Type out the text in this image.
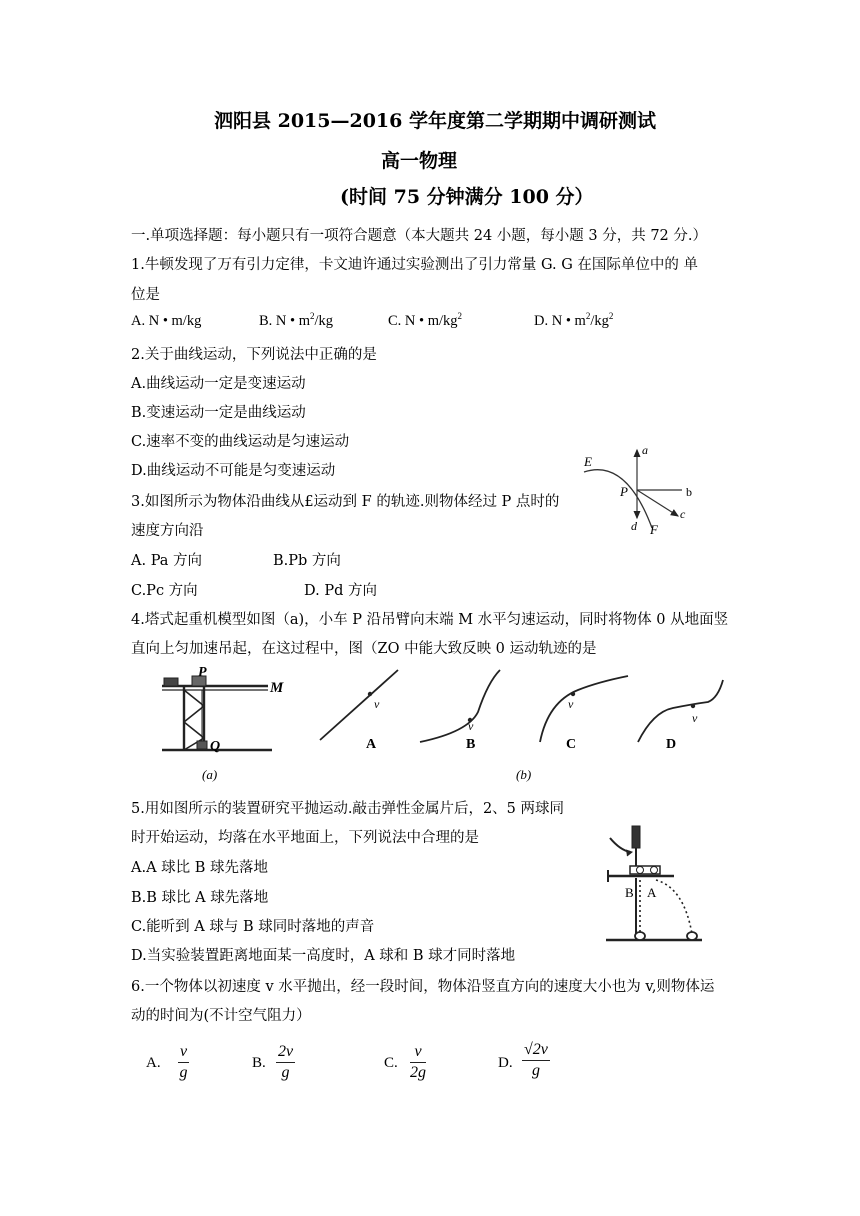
泗阳县 2015—2016 学年度第二学期期中调研测试
高一物理
(时间 75 分钟满分 100 分）
一.单项选择题：每小题只有一项符合题意（本大题共 24 小题，每小题 3 分，共 72 分.）
1.牛顿发现了万有引力定律，卡文迪许通过实验测出了引力常量 G. G 在国际单位中的 单
位是
A. N • m/kg	B. N • $m^2/kg$	C. N • $m/kg^2$	D. N • $m^2/kg^2$
2.关于曲线运动，下列说法中正确的是
A.曲线运动一定是变速运动
B.变速运动一定是曲线运动
C.速率不变的曲线运动是匀速运动
D.曲线运动不可能是匀变速运动
E
P
a
b
c
d F
3.如图所示为物体沿曲线从£运动到 F 的轨迹.则物体经过 P 点时的
速度方向沿
A. Pa 方向	B.Pb 方向
C.Pc 方向	D. Pd 方向
4.塔式起重机模型如图（a)，小车 P 沿吊臂向末端 M 水平匀速运动，同时将物体 0 从地面竖
直向上匀加速吊起，在这过程中，图（ZO 中能大致反映 0 运动轨迹的是
P
M
Q
(a)
v
A
v
B
v
C
v
D
(b)
5.用如图所示的装置研究平抛运动.敲击弹性金属片后，2、5 两球同
时开始运动，均落在水平地面上，下列说法中合理的是
A.A 球比 B 球先落地
B.B 球比 A 球先落地
C.能听到 A 球与 B 球同时落地的声音
D.当实验装置距离地面某一高度时，A 球和 B 球才同时落地
B A
6.一个物体以初速度 v 水平抛出，经一段时间，物体沿竖直方向的速度大小也为 v,则物体运
动的时间为(不计空气阻力）
A. $\frac{v}{g}$	B. $\frac{2v}{g}$	C. $\frac{v}{2g}$	D. $\frac{√2v}{g}$
